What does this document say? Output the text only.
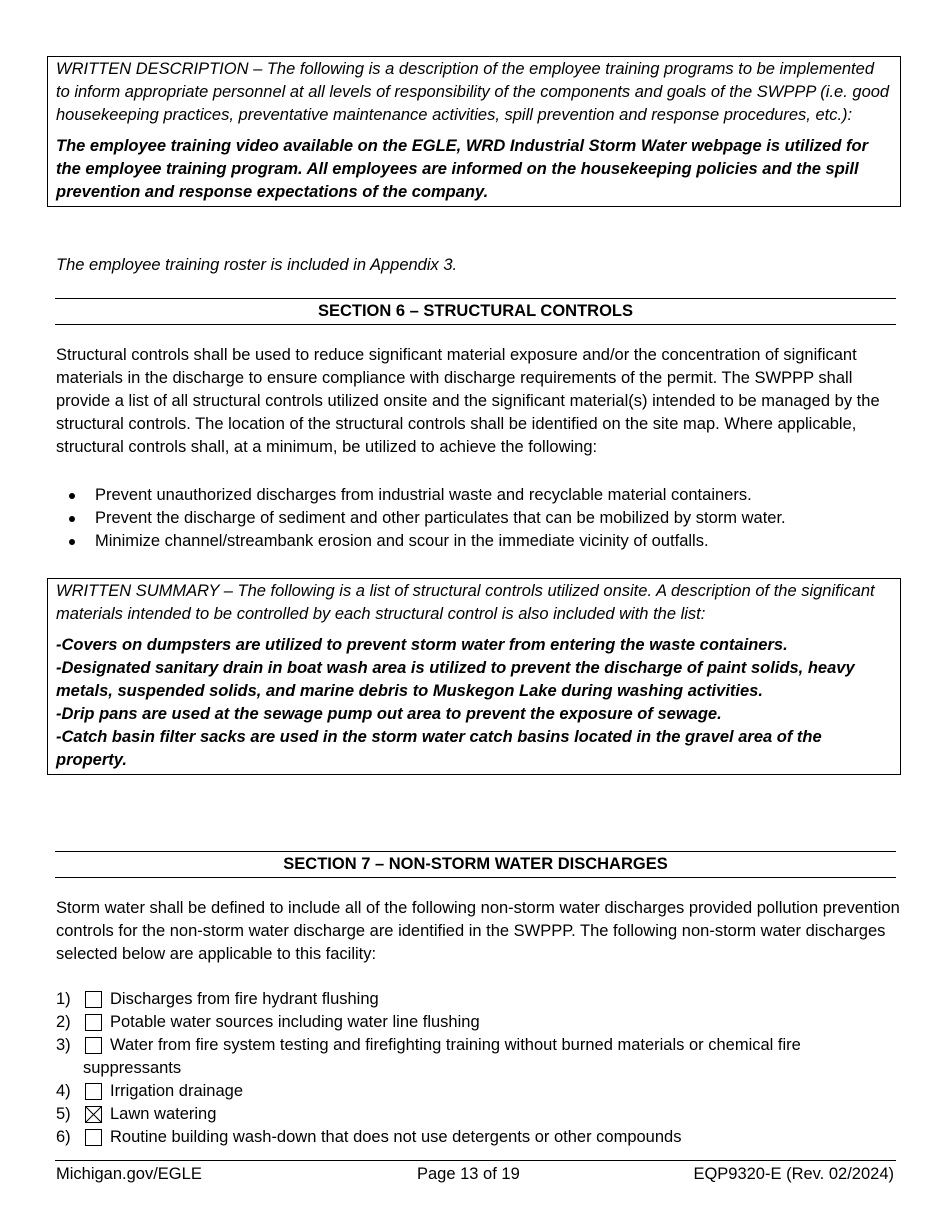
WRITTEN DESCRIPTION – The following is a description of the employee training programs to be implemented to inform appropriate personnel at all levels of responsibility of the components and goals of the SWPPP (i.e. good housekeeping practices, preventative maintenance activities, spill prevention and response procedures, etc.):

The employee training video available on the EGLE, WRD Industrial Storm Water webpage is utilized for the employee training program. All employees are informed on the housekeeping policies and the spill prevention and response expectations of the company.

The employee training roster is included in Appendix 3.

SECTION 6 – STRUCTURAL CONTROLS

Structural controls shall be used to reduce significant material exposure and/or the concentration of significant materials in the discharge to ensure compliance with discharge requirements of the permit. The SWPPP shall provide a list of all structural controls utilized onsite and the significant material(s) intended to be managed by the structural controls. The location of the structural controls shall be identified on the site map. Where applicable, structural controls shall, at a minimum, be utilized to achieve the following:

Prevent unauthorized discharges from industrial waste and recyclable material containers.
Prevent the discharge of sediment and other particulates that can be mobilized by storm water.
Minimize channel/streambank erosion and scour in the immediate vicinity of outfalls.

WRITTEN SUMMARY – The following is a list of structural controls utilized onsite. A description of the significant materials intended to be controlled by each structural control is also included with the list:

-Covers on dumpsters are utilized to prevent storm water from entering the waste containers.
-Designated sanitary drain in boat wash area is utilized to prevent the discharge of paint solids, heavy metals, suspended solids, and marine debris to Muskegon Lake during washing activities.
-Drip pans are used at the sewage pump out area to prevent the exposure of sewage.
-Catch basin filter sacks are used in the storm water catch basins located in the gravel area of the property.

SECTION 7 – NON-STORM WATER DISCHARGES

Storm water shall be defined to include all of the following non-storm water discharges provided pollution prevention controls for the non-storm water discharge are identified in the SWPPP. The following non-storm water discharges selected below are applicable to this facility:

1) Discharges from fire hydrant flushing
2) Potable water sources including water line flushing
3) Water from fire system testing and firefighting training without burned materials or chemical fire
suppressants
4) Irrigation drainage
5) Lawn watering
6) Routine building wash-down that does not use detergents or other compounds
Michigan.gov/EGLE	Page 13 of 19	EQP9320-E (Rev. 02/2024)
